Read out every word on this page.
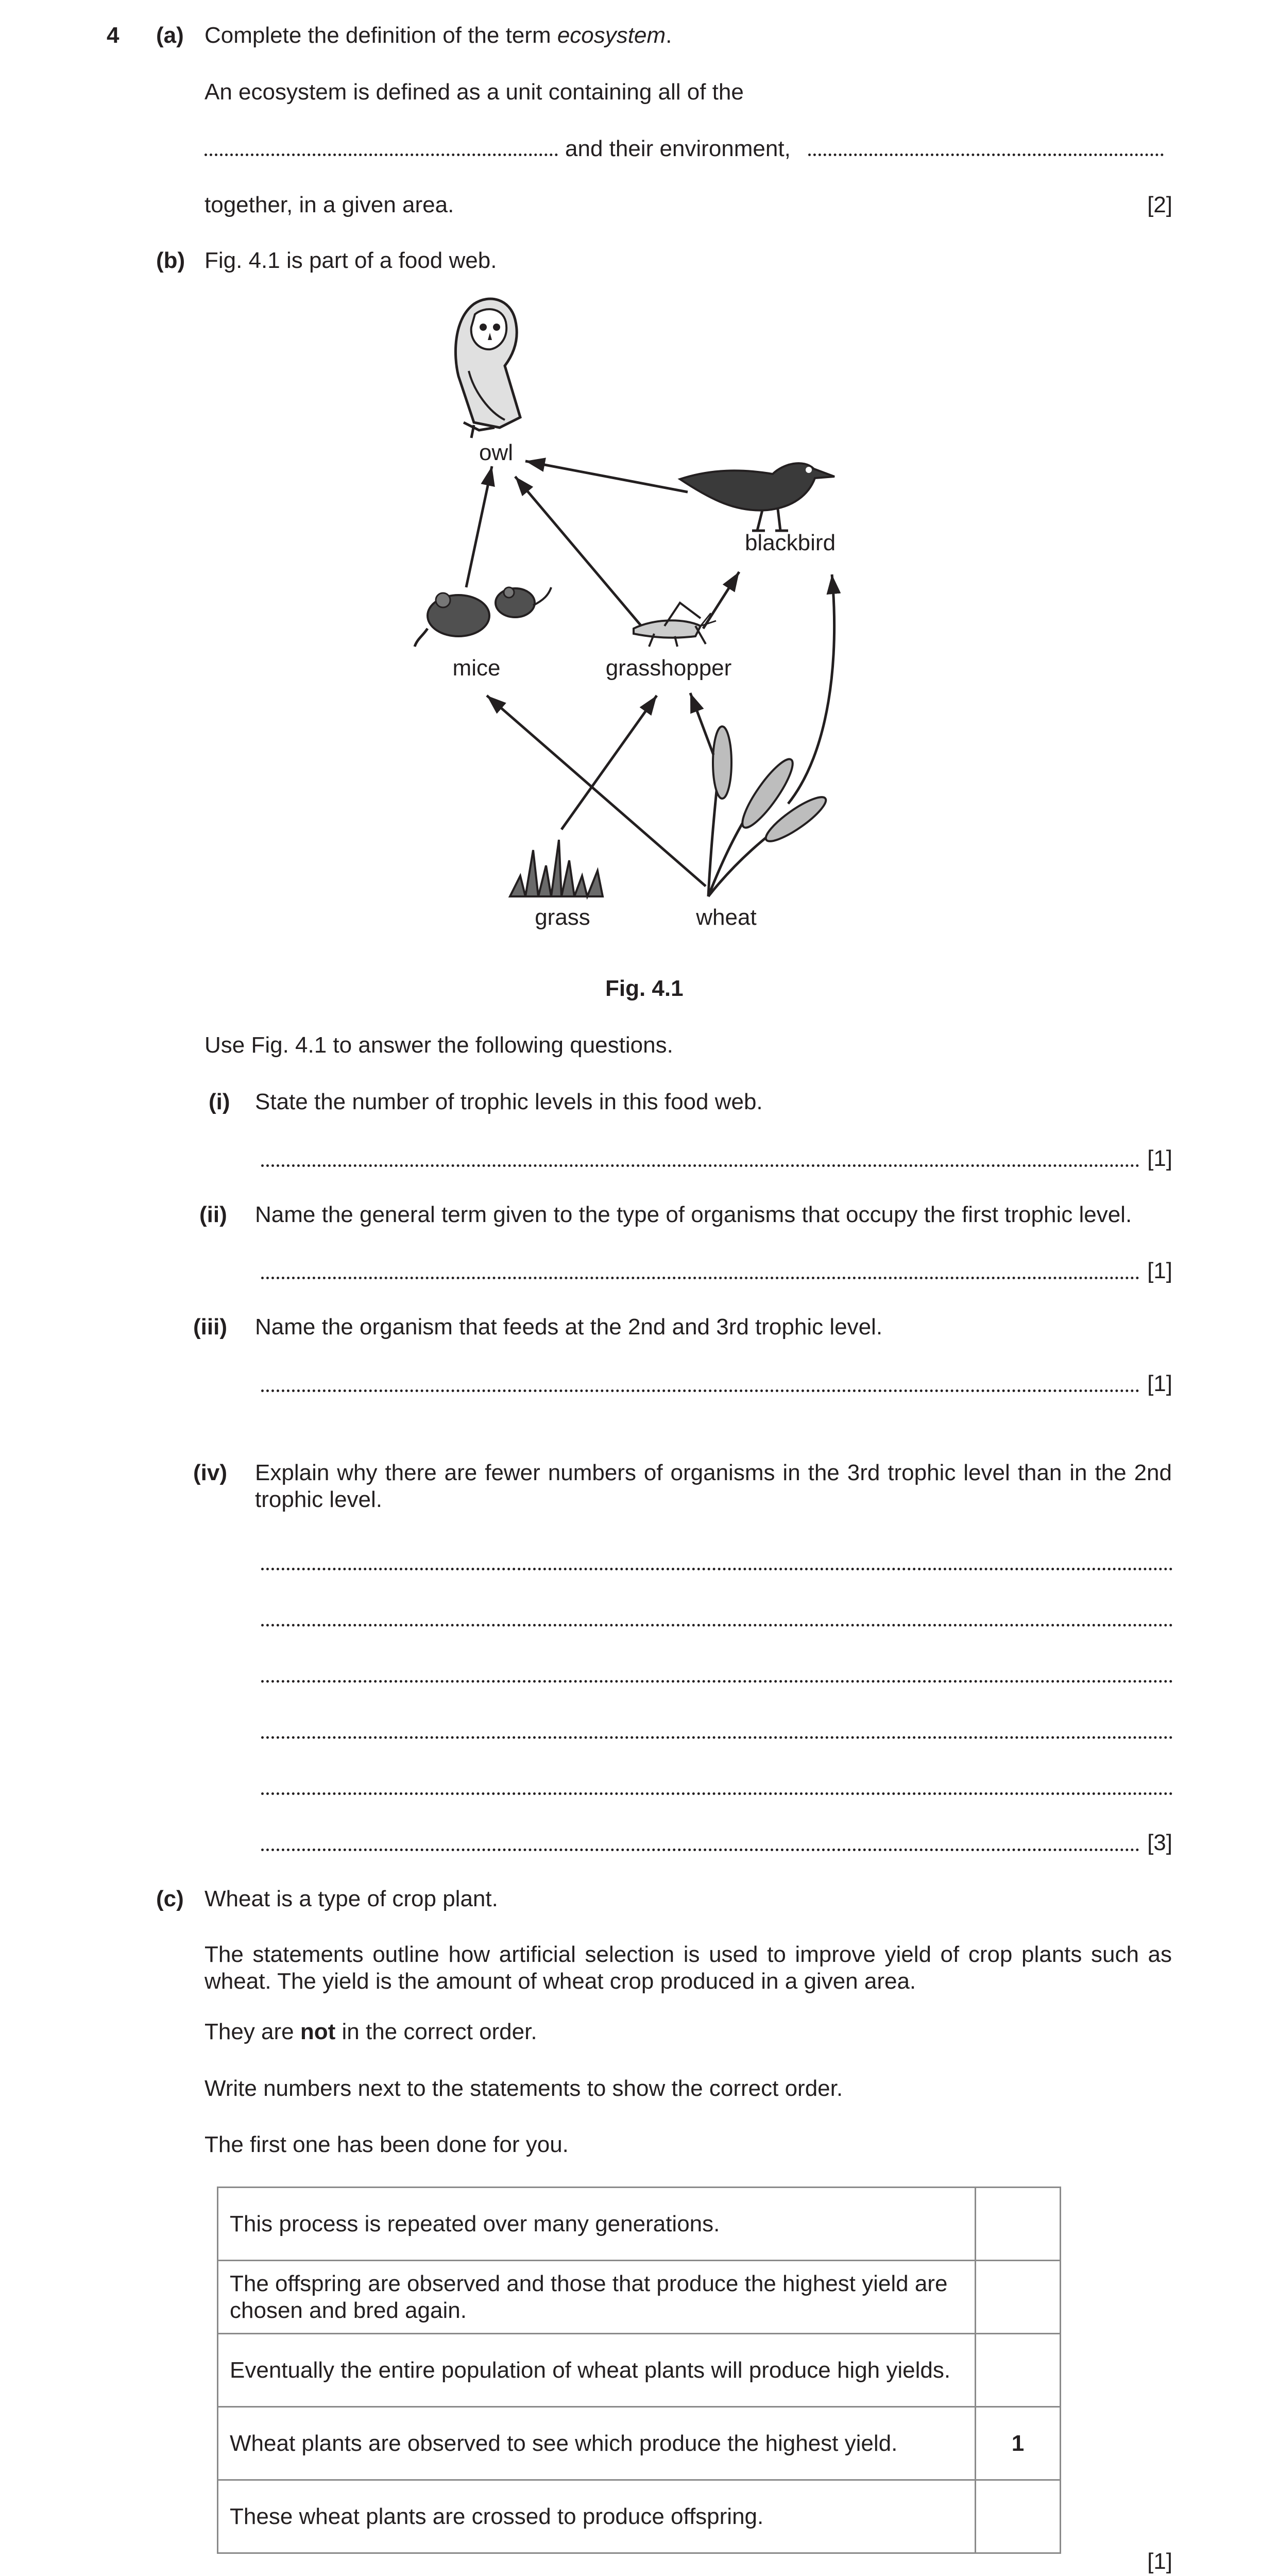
4 (a) Complete the definition of the term ecosystem.
An ecosystem is defined as a unit containing all of the
and their environment,
together, in a given area.	[2]
(b) Fig. 4.1 is part of a food web.
owl
blackbird
mice	grasshopper
grass	wheat
Fig. 4.1
Use Fig. 4.1 to answer the following questions.
(i) State the number of trophic levels in this food web.
[1]
(ii) Name the general term given to the type of organisms that occupy the first trophic level.
[1]
(iii) Name the organism that feeds at the 2nd and 3rd trophic level.
[1]
(iv) Explain why there are fewer numbers of organisms in the 3rd trophic level than in the 2nd trophic level.
[3]
(c) Wheat is a type of crop plant.
The statements outline how artificial selection is used to improve yield of crop plants such as wheat. The yield is the amount of wheat crop produced in a given area.
They are not in the correct order.
Write numbers next to the statements to show the correct order.
The first one has been done for you.
This process is repeated over many generations.	
The offspring are observed and those that produce the highest yield are chosen and bred again.	
Eventually the entire population of wheat plants will produce high yields.	
Wheat plants are observed to see which produce the highest yield.	1
These wheat plants are crossed to produce offspring.	
[1]
